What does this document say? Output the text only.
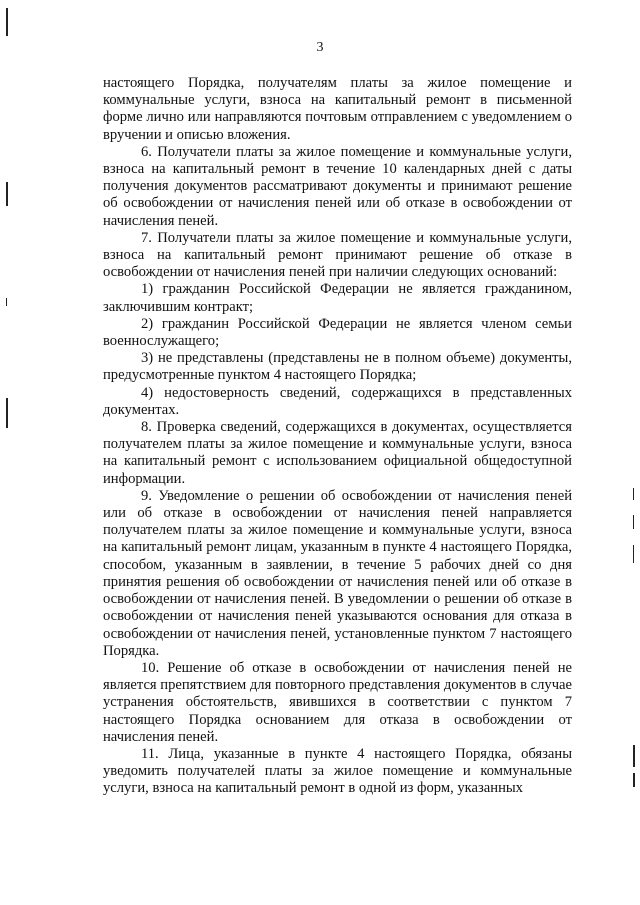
3

настоящего Порядка, получателям платы за жилое помещение и коммунальные услуги, взноса на капитальный ремонт в письменной форме лично или направляются почтовым отправлением с уведомлением о вручении и описью вложения.

6. Получатели платы за жилое помещение и коммунальные услуги, взноса на капитальный ремонт в течение 10 календарных дней с даты получения документов рассматривают документы и принимают решение об освобождении от начисления пеней или об отказе в освобождении от начисления пеней.

7. Получатели платы за жилое помещение и коммунальные услуги, взноса на капитальный ремонт принимают решение об отказе в освобождении от начисления пеней при наличии следующих оснований:

1) гражданин Российской Федерации не является гражданином, заключившим контракт;

2) гражданин Российской Федерации не является членом семьи военнослужащего;

3) не представлены (представлены не в полном объеме) документы, предусмотренные пунктом 4 настоящего Порядка;

4) недостоверность сведений, содержащихся в представленных документах.

8. Проверка сведений, содержащихся в документах, осуществляется получателем платы за жилое помещение и коммунальные услуги, взноса на капитальный ремонт с использованием официальной общедоступной информации.

9. Уведомление о решении об освобождении от начисления пеней или об отказе в освобождении от начисления пеней направляется получателем платы за жилое помещение и коммунальные услуги, взноса на капитальный ремонт лицам, указанным в пункте 4 настоящего Порядка, способом, указанным в заявлении, в течение 5 рабочих дней со дня принятия решения об освобождении от начисления пеней или об отказе в освобождении от начисления пеней. В уведомлении о решении об отказе в освобождении от начисления пеней указываются основания для отказа в освобождении от начисления пеней, установленные пунктом 7 настоящего Порядка.

10. Решение об отказе в освобождении от начисления пеней не является препятствием для повторного представления документов в случае устранения обстоятельств, явившихся в соответствии с пунктом 7 настоящего Порядка основанием для отказа в освобождении от начисления пеней.

11. Лица, указанные в пункте 4 настоящего Порядка, обязаны уведомить получателей платы за жилое помещение и коммунальные услуги, взноса на капитальный ремонт в одной из форм, указанных
